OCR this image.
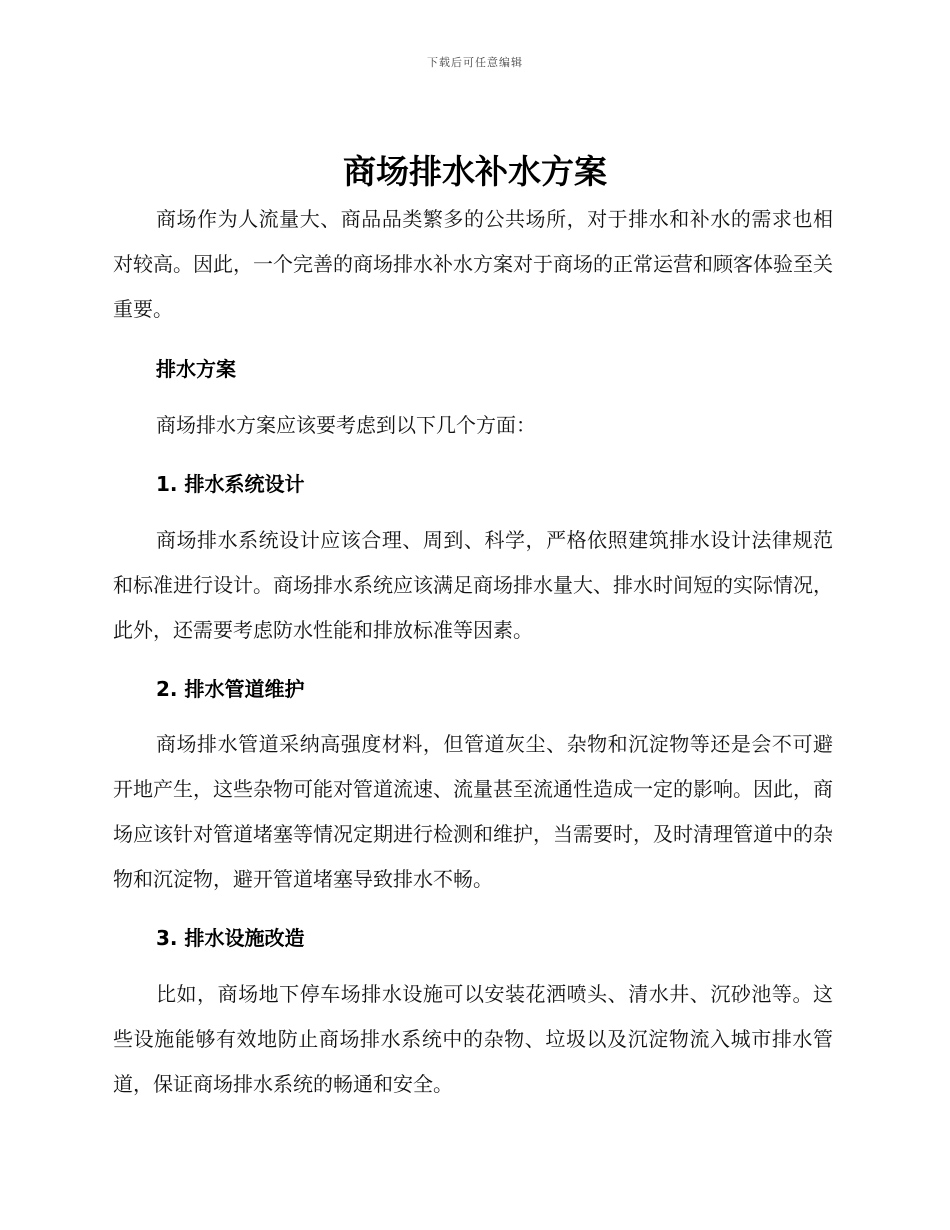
下载后可任意编辑
商场排水补水方案

商场作为人流量大、商品品类繁多的公共场所，对于排水和补水的需求也相对较高。因此，一个完善的商场排水补水方案对于商场的正常运营和顾客体验至关重要。

排水方案

商场排水方案应该要考虑到以下几个方面：

1. 排水系统设计

商场排水系统设计应该合理、周到、科学，严格依照建筑排水设计法律规范和标准进行设计。商场排水系统应该满足商场排水量大、排水时间短的实际情况，此外，还需要考虑防水性能和排放标准等因素。

2. 排水管道维护

商场排水管道采纳高强度材料，但管道灰尘、杂物和沉淀物等还是会不可避开地产生，这些杂物可能对管道流速、流量甚至流通性造成一定的影响。因此，商场应该针对管道堵塞等情况定期进行检测和维护，当需要时，及时清理管道中的杂物和沉淀物，避开管道堵塞导致排水不畅。

3. 排水设施改造

比如，商场地下停车场排水设施可以安装花洒喷头、清水井、沉砂池等。这些设施能够有效地防止商场排水系统中的杂物、垃圾以及沉淀物流入城市排水管道，保证商场排水系统的畅通和安全。
